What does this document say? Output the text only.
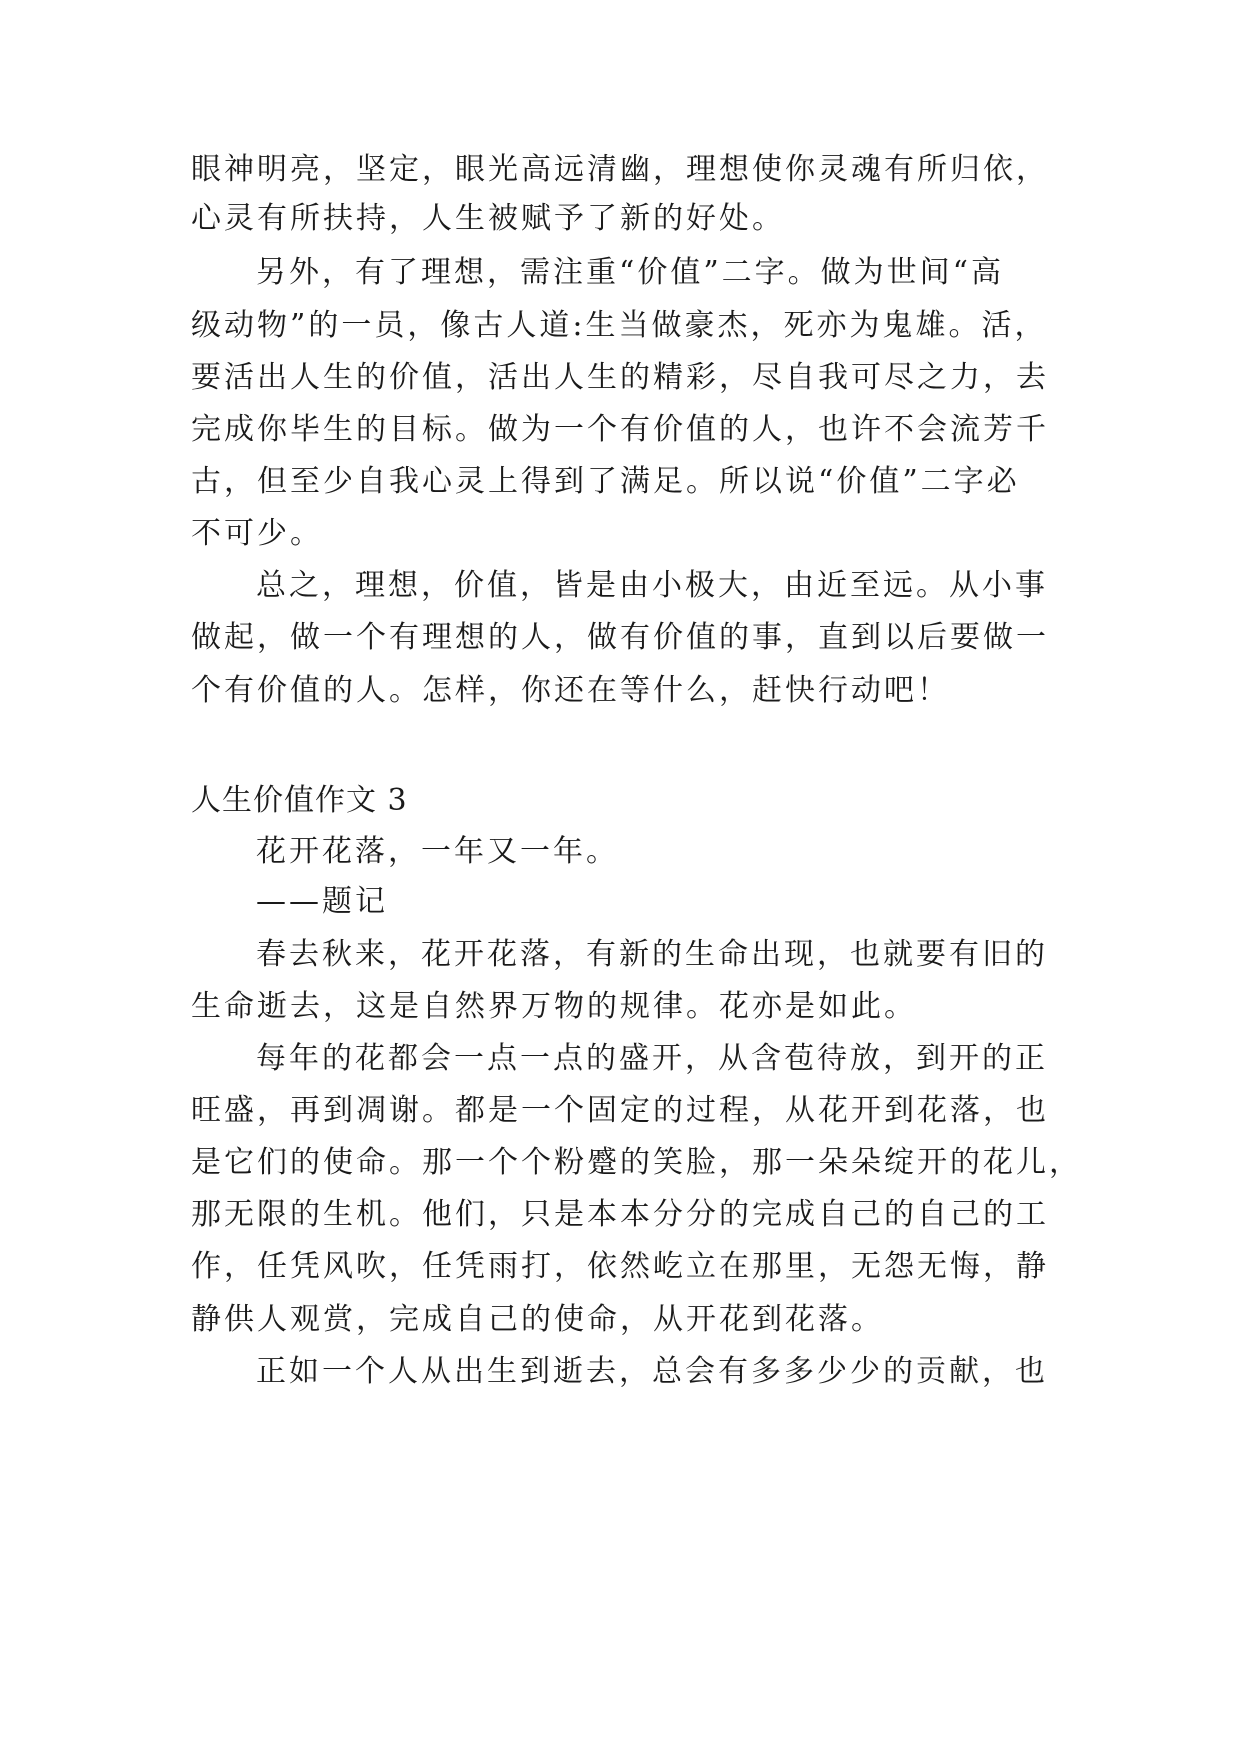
眼神明亮，坚定，眼光高远清幽，理想使你灵魂有所归依，

心灵有所扶持，人生被赋予了新的好处。

另外，有了理想，需注重“价值”二字。做为世间“高

级动物”的一员，像古人道:生当做豪杰，死亦为鬼雄。活，

要活出人生的价值，活出人生的精彩，尽自我可尽之力，去

完成你毕生的目标。做为一个有价值的人，也许不会流芳千

古，但至少自我心灵上得到了满足。所以说“价值”二字必

不可少。

总之，理想，价值，皆是由小极大，由近至远。从小事

做起，做一个有理想的人，做有价值的事，直到以后要做一

个有价值的人。怎样，你还在等什么，赶快行动吧！

人生价值作文 3

花开花落，一年又一年。

——题记

春去秋来，花开花落，有新的生命出现，也就要有旧的

生命逝去，这是自然界万物的规律。花亦是如此。

每年的花都会一点一点的盛开，从含苞待放，到开的正

旺盛，再到凋谢。都是一个固定的过程，从花开到花落，也

是它们的使命。那一个个粉蹙的笑脸，那一朵朵绽开的花儿，

那无限的生机。他们，只是本本分分的完成自己的自己的工

作，任凭风吹，任凭雨打，依然屹立在那里，无怨无悔，静

静供人观赏，完成自己的使命，从开花到花落。

正如一个人从出生到逝去，总会有多多少少的贡献，也
